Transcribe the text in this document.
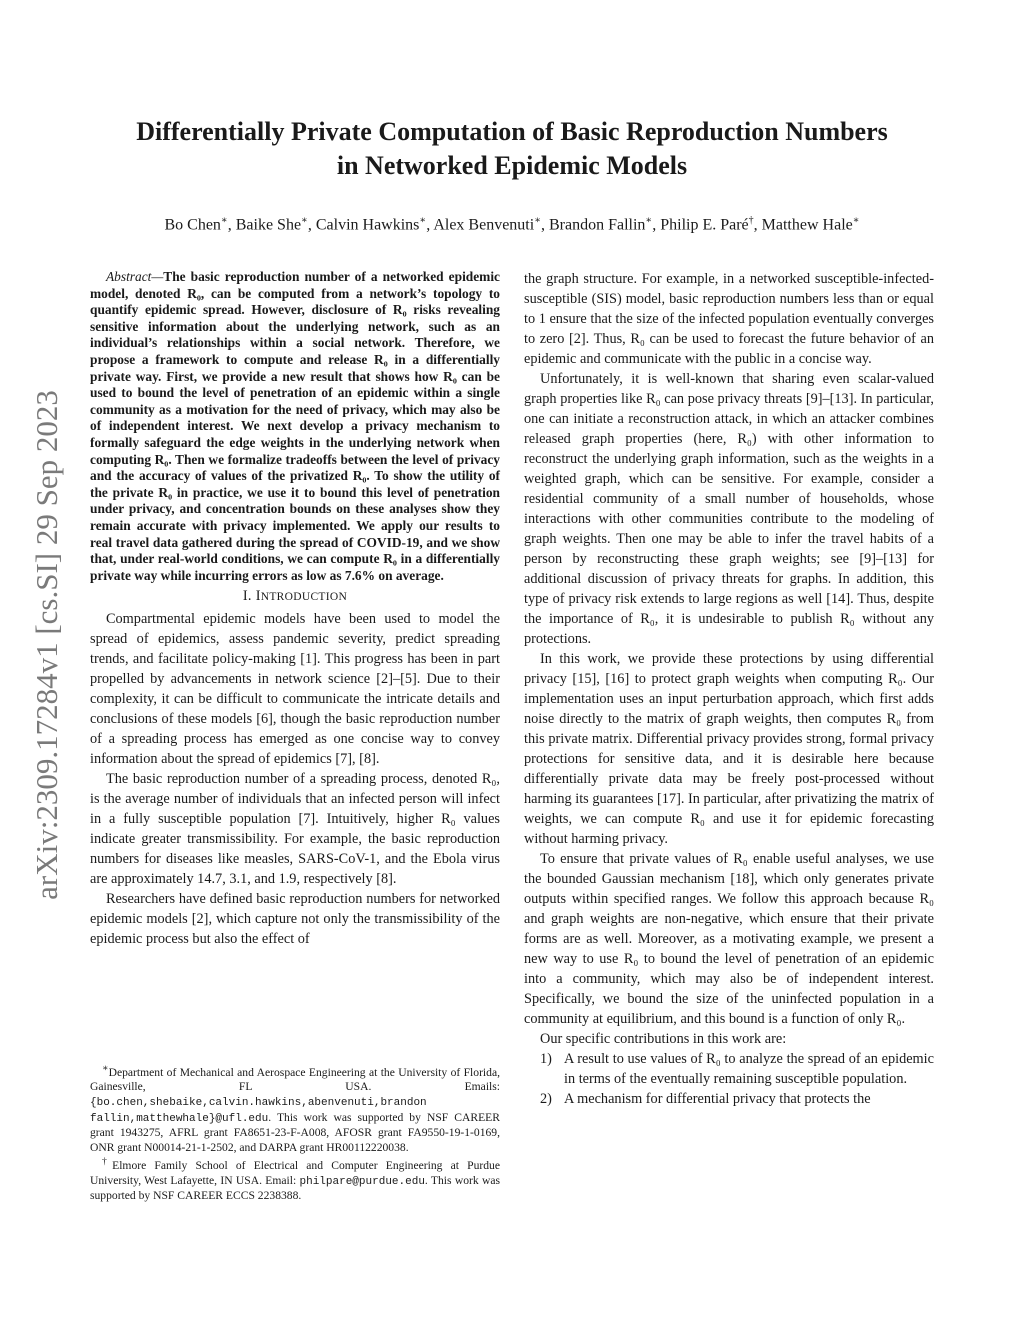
Differentially Private Computation of Basic Reproduction Numbers
in Networked Epidemic Models
Bo Chen∗, Baike She∗, Calvin Hawkins∗, Alex Benvenuti∗, Brandon Fallin∗, Philip E. Paré†, Matthew Hale∗
arXiv:2309.17284v1 [cs.SI] 29 Sep 2023

Abstract—The basic reproduction number of a networked epidemic model, denoted R₀, can be computed from a network’s topology to quantify epidemic spread. However, disclosure of R₀ risks revealing sensitive information about the underlying network, such as an individual’s relationships within a social network. Therefore, we propose a framework to compute and release R₀ in a differentially private way. First, we provide a new result that shows how R₀ can be used to bound the level of penetration of an epidemic within a single community as a motivation for the need of privacy, which may also be of independent interest. We next develop a privacy mechanism to formally safeguard the edge weights in the underlying network when computing R₀. Then we formalize tradeoffs between the level of privacy and the accuracy of values of the privatized R₀. To show the utility of the private R₀ in practice, we use it to bound this level of penetration under privacy, and concentration bounds on these analyses show they remain accurate with privacy implemented. We apply our results to real travel data gathered during the spread of COVID-19, and we show that, under real-world conditions, we can compute R₀ in a differentially private way while incurring errors as low as 7.6% on average.

I. INTRODUCTION

Compartmental epidemic models have been used to model the spread of epidemics, assess pandemic severity, predict spreading trends, and facilitate policy-making [1]. This progress has been in part propelled by advancements in network science [2]–[5]. Due to their complexity, it can be difficult to communicate the intricate details and conclusions of these models [6], though the basic reproduction number of a spreading process has emerged as one concise way to convey information about the spread of epidemics [7], [8].

The basic reproduction number of a spreading process, denoted R₀, is the average number of individuals that an infected person will infect in a fully susceptible population [7]. Intuitively, higher R₀ values indicate greater transmissibility. For example, the basic reproduction numbers for diseases like measles, SARS-CoV-1, and the Ebola virus are approximately 14.7, 3.1, and 1.9, respectively [8].

Researchers have defined basic reproduction numbers for networked epidemic models [2], which capture not only the transmissibility of the epidemic process but also the effect of

∗Department of Mechanical and Aerospace Engineering at the University of Florida, Gainesville, FL USA. Emails: {bo.chen,shebaike,calvin.hawkins,abenvenuti,brandon fallin,matthewhale}@ufl.edu. This work was supported by NSF CAREER grant 1943275, AFRL grant FA8651-23-F-A008, AFOSR grant FA9550-19-1-0169, ONR grant N00014-21-1-2502, and DARPA grant HR00112220038.

†Elmore Family School of Electrical and Computer Engineering at Purdue University, West Lafayette, IN USA. Email: philpare@purdue.edu. This work was supported by NSF CAREER ECCS 2238388.

the graph structure. For example, in a networked susceptible-infected-susceptible (SIS) model, basic reproduction numbers less than or equal to 1 ensure that the size of the infected population eventually converges to zero [2]. Thus, R₀ can be used to forecast the future behavior of an epidemic and communicate with the public in a concise way.

Unfortunately, it is well-known that sharing even scalar-valued graph properties like R₀ can pose privacy threats [9]–[13]. In particular, one can initiate a reconstruction attack, in which an attacker combines released graph properties (here, R₀) with other information to reconstruct the underlying graph information, such as the weights in a weighted graph, which can be sensitive. For example, consider a residential community of a small number of households, whose interactions with other communities contribute to the modeling of graph weights. Then one may be able to infer the travel habits of a person by reconstructing these graph weights; see [9]–[13] for additional discussion of privacy threats for graphs. In addition, this type of privacy risk extends to large regions as well [14]. Thus, despite the importance of R₀, it is undesirable to publish R₀ without any protections.

In this work, we provide these protections by using differential privacy [15], [16] to protect graph weights when computing R₀. Our implementation uses an input perturbation approach, which first adds noise directly to the matrix of graph weights, then computes R₀ from this private matrix. Differential privacy provides strong, formal privacy protections for sensitive data, and it is desirable here because differentially private data may be freely post-processed without harming its guarantees [17]. In particular, after privatizing the matrix of weights, we can compute R₀ and use it for epidemic forecasting without harming privacy.

To ensure that private values of R₀ enable useful analyses, we use the bounded Gaussian mechanism [18], which only generates private outputs within specified ranges. We follow this approach because R₀ and graph weights are non-negative, which ensure that their private forms are as well. Moreover, as a motivating example, we present a new way to use R₀ to bound the level of penetration of an epidemic into a community, which may also be of independent interest. Specifically, we bound the size of the uninfected population in a community at equilibrium, and this bound is a function of only R₀.

Our specific contributions in this work are:

1) A result to use values of R₀ to analyze the spread of an epidemic in terms of the eventually remaining susceptible population.
2) A mechanism for differential privacy that protects the
